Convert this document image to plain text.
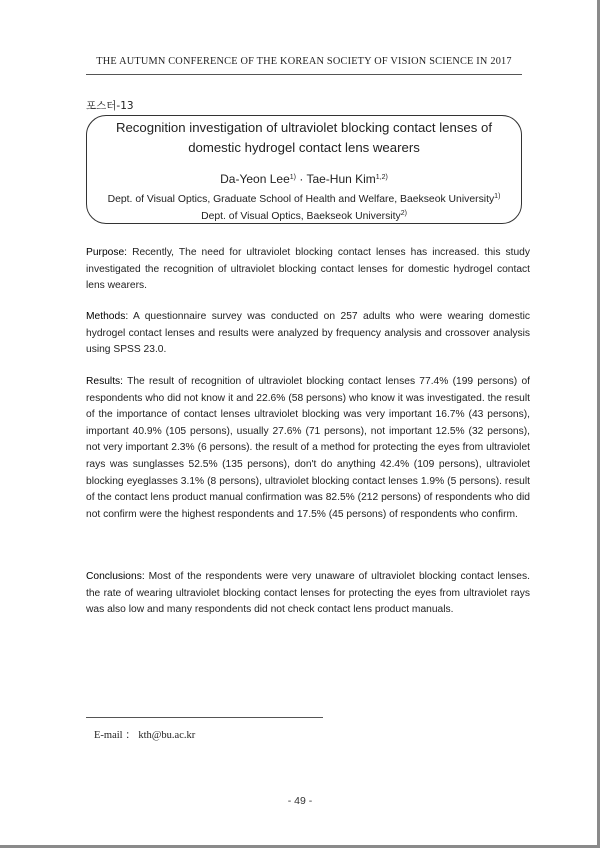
THE AUTUMN CONFERENCE OF THE KOREAN SOCIETY OF VISION SCIENCE IN 2017
포스터-13
Recognition investigation of ultraviolet blocking contact lenses of domestic hydrogel contact lens wearers
Da-Yeon Lee$^{1)}$ · Tae-Hun Kim$^{1,2)}$
Dept. of Visual Optics, Graduate School of Health and Welfare, Baekseok University$^{1)}$
Dept. of Visual Optics, Baekseok University$^{2)}$
Purpose: Recently, The need for ultraviolet blocking contact lenses has increased. this study investigated the recognition of ultraviolet blocking contact lenses for domestic hydrogel contact lens wearers.
Methods: A questionnaire survey was conducted on 257 adults who were wearing domestic hydrogel contact lenses and results were analyzed by frequency analysis and crossover analysis using SPSS 23.0.
Results: The result of recognition of ultraviolet blocking contact lenses 77.4% (199 persons) of respondents who did not know it and 22.6% (58 persons) who know it was investigated. the result of the importance of contact lenses ultraviolet blocking was very important 16.7% (43 persons), important 40.9% (105 persons), usually 27.6% (71 persons), not important 12.5% (32 persons), not very important 2.3% (6 persons). the result of a method for protecting the eyes from ultraviolet rays was sunglasses 52.5% (135 persons), don't do anything 42.4% (109 persons), ultraviolet blocking eyeglasses 3.1% (8 persons), ultraviolet blocking contact lenses 1.9% (5 persons). result of the contact lens product manual confirmation was 82.5% (212 persons) of respondents who did not confirm were the highest respondents and 17.5% (45 persons) of respondents who confirm.
Conclusions: Most of the respondents were very unaware of ultraviolet blocking contact lenses. the rate of wearing ultraviolet blocking contact lenses for protecting the eyes from ultraviolet rays was also low and many respondents did not check contact lens product manuals.
E-mail ： kth@bu.ac.kr
- 49 -
